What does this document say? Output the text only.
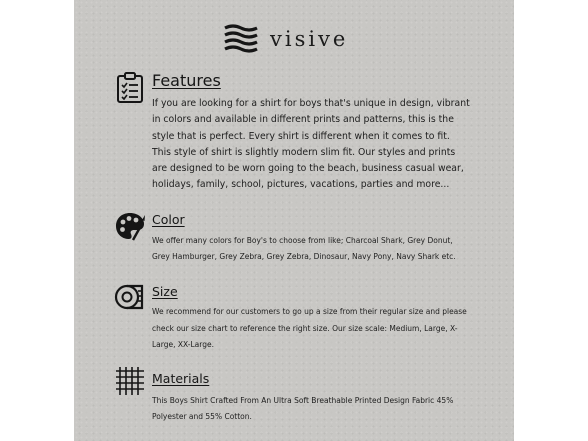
visive
Features
If you are looking for a shirt for boys that's unique in design, vibrant in colors and available in different prints and patterns, this is the style that is perfect. Every shirt is different when it comes to fit. This style of shirt is slightly modern slim fit. Our styles and prints are designed to be worn going to the beach, business casual wear, holidays, family, school, pictures, vacations, parties and more...
Color
We offer many colors for Boy's to choose from like; Charcoal Shark, Grey Donut, Grey Hamburger, Grey Zebra, Grey Zebra, Dinosaur, Navy Pony, Navy Shark etc.
Size
We recommend for our customers to go up a size from their regular size and please check our size chart to reference the right size. Our size scale: Medium, Large, X-Large, XX-Large.
Materials
This Boys Shirt Crafted From An Ultra Soft Breathable Printed Design Fabric 45% Polyester and 55% Cotton.
